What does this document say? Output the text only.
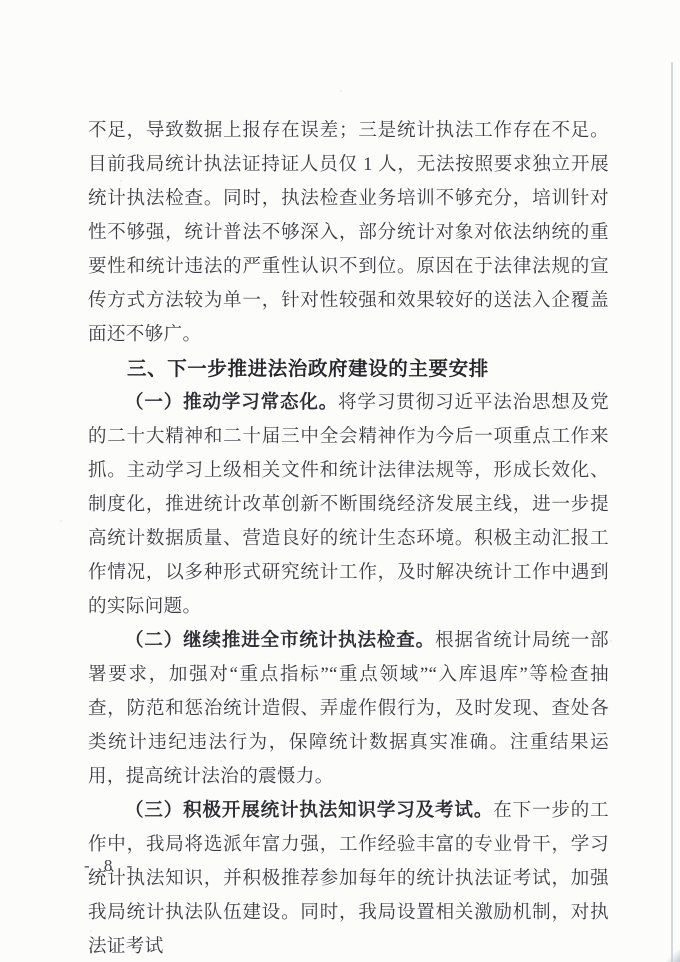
不足，导致数据上报存在误差；三是统计执法工作存在不足。目前我局统计执法证持证人员仅 1 人，无法按照要求独立开展统计执法检查。同时，执法检查业务培训不够充分，培训针对性不够强，统计普法不够深入，部分统计对象对依法纳统的重要性和统计违法的严重性认识不到位。原因在于法律法规的宣传方式方法较为单一，针对性较强和效果较好的送法入企覆盖面还不够广。

三、下一步推进法治政府建设的主要安排

（一）推动学习常态化。将学习贯彻习近平法治思想及党的二十大精神和二十届三中全会精神作为今后一项重点工作来抓。主动学习上级相关文件和统计法律法规等，形成长效化、制度化，推进统计改革创新不断围绕经济发展主线，进一步提高统计数据质量、营造良好的统计生态环境。积极主动汇报工作情况，以多种形式研究统计工作，及时解决统计工作中遇到的实际问题。

（二）继续推进全市统计执法检查。根据省统计局统一部署要求，加强对“重点指标”“重点领域”“入库退库”等检查抽查，防范和惩治统计造假、弄虚作假行为，及时发现、查处各类统计违纪违法行为，保障统计数据真实准确。注重结果运用，提高统计法治的震慑力。

（三）积极开展统计执法知识学习及考试。在下一步的工作中，我局将选派年富力强，工作经验丰富的专业骨干，学习统计执法知识，并积极推荐参加每年的统计执法证考试，加强我局统计执法队伍建设。同时，我局设置相关激励机制，对执法证考试

- 8 -
